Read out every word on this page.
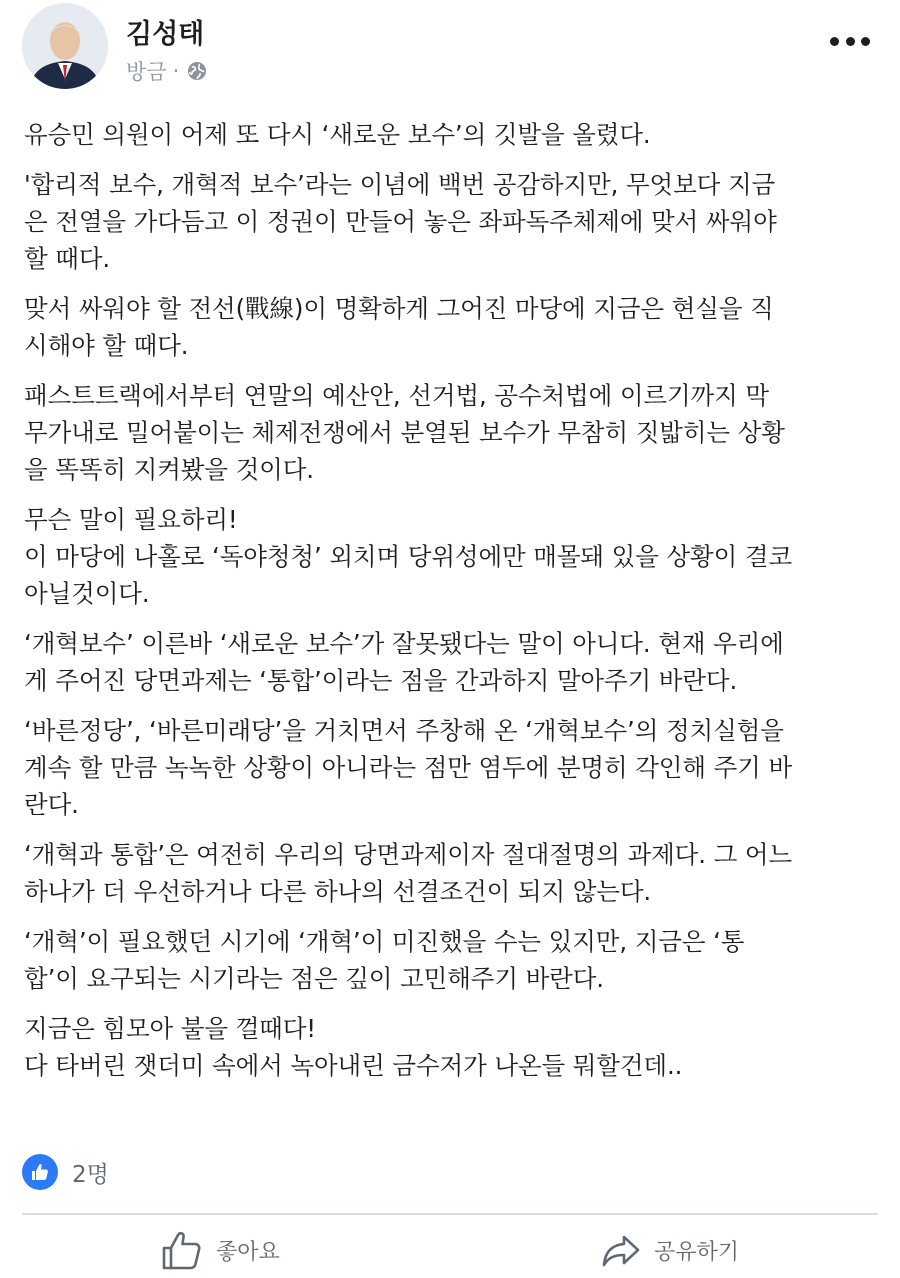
김성태
방금 ·

유승민 의원이 어제 또 다시 ‘새로운 보수’의 깃발을 올렸다.

'합리적 보수, 개혁적 보수’라는 이념에 백번 공감하지만, 무엇보다 지금
은 전열을 가다듬고 이 정권이 만들어 놓은 좌파독주체제에 맞서 싸워야
할 때다.

맞서 싸워야 할 전선(戰線)이 명확하게 그어진 마당에 지금은 현실을 직
시해야 할 때다.

패스트트랙에서부터 연말의 예산안, 선거법, 공수처법에 이르기까지 막
무가내로 밀어붙이는 체제전쟁에서 분열된 보수가 무참히 짓밟히는 상황
을 똑똑히 지켜봤을 것이다.

무슨 말이 필요하리!
이 마당에 나홀로 ‘독야청청’ 외치며 당위성에만 매몰돼 있을 상황이 결코
아닐것이다.

‘개혁보수’ 이른바 ‘새로운 보수’가 잘못됐다는 말이 아니다. 현재 우리에
게 주어진 당면과제는 ‘통합’이라는 점을 간과하지 말아주기 바란다.

‘바른정당’, ‘바른미래당’을 거치면서 주창해 온 ‘개혁보수’의 정치실험을
계속 할 만큼 녹녹한 상황이 아니라는 점만 염두에 분명히 각인해 주기 바
란다.

‘개혁과 통합’은 여전히 우리의 당면과제이자 절대절명의 과제다. 그 어느
하나가 더 우선하거나 다른 하나의 선결조건이 되지 않는다.

‘개혁’이 필요했던 시기에 ‘개혁’이 미진했을 수는 있지만, 지금은 ‘통
합’이 요구되는 시기라는 점은 깊이 고민해주기 바란다.

지금은 힘모아 불을 껄때다!
다 타버린 잿더미 속에서 녹아내린 금수저가 나온들 뭐할건데..

2명
좋아요	공유하기
